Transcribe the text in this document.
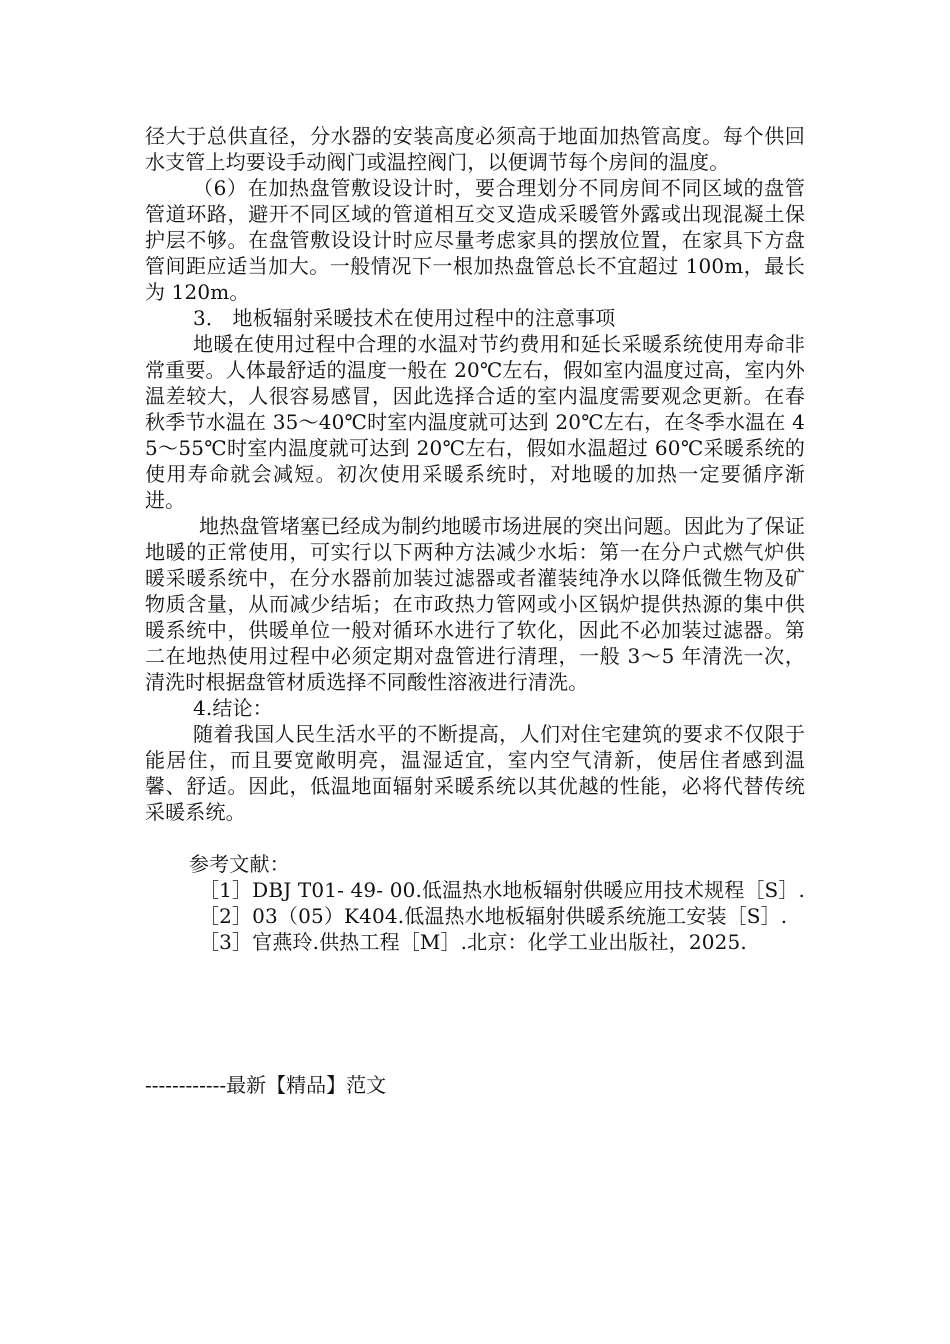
径大于总供直径，分水器的安装高度必须高于地面加热管高度。每个供回水支管上均要设手动阀门或温控阀门，以便调节每个房间的温度。

（6）在加热盘管敷设设计时，要合理划分不同房间不同区域的盘管管道环路，避开不同区域的管道相互交叉造成采暖管外露或出现混凝土保护层不够。在盘管敷设设计时应尽量考虑家具的摆放位置，在家具下方盘管间距应适当加大。一般情况下一根加热盘管总长不宜超过 100m，最长为 120m。

3． 地板辐射采暖技术在使用过程中的注意事项

地暖在使用过程中合理的水温对节约费用和延长采暖系统使用寿命非常重要。人体最舒适的温度一般在 20℃左右，假如室内温度过高，室内外温差较大，人很容易感冒，因此选择合适的室内温度需要观念更新。在春秋季节水温在 35～40℃时室内温度就可达到 20℃左右，在冬季水温在 45～55℃时室内温度就可达到 20℃左右，假如水温超过 60℃采暖系统的使用寿命就会减短。初次使用采暖系统时，对地暖的加热一定要循序渐进。

地热盘管堵塞已经成为制约地暖市场进展的突出问题。因此为了保证地暖的正常使用，可实行以下两种方法减少水垢：第一在分户式燃气炉供暖采暖系统中，在分水器前加装过滤器或者灌装纯净水以降低微生物及矿物质含量，从而减少结垢；在市政热力管网或小区锅炉提供热源的集中供暖系统中，供暖单位一般对循环水进行了软化，因此不必加装过滤器。第二在地热使用过程中必须定期对盘管进行清理，一般 3～5 年清洗一次，清洗时根据盘管材质选择不同酸性溶液进行清洗。

4.结论：

随着我国人民生活水平的不断提高，人们对住宅建筑的要求不仅限于能居住，而且要宽敞明亮，温湿适宜，室内空气清新，使居住者感到温馨、舒适。因此，低温地面辐射采暖系统以其优越的性能，必将代替传统采暖系统。

参考文献：

［1］DBJ T01- 49- 00.低温热水地板辐射供暖应用技术规程［S］.

［2］03（05）K404.低温热水地板辐射供暖系统施工安装［S］.

［3］官燕玲.供热工程［M］.北京：化学工业出版社，2025.

------------最新【精品】范文
